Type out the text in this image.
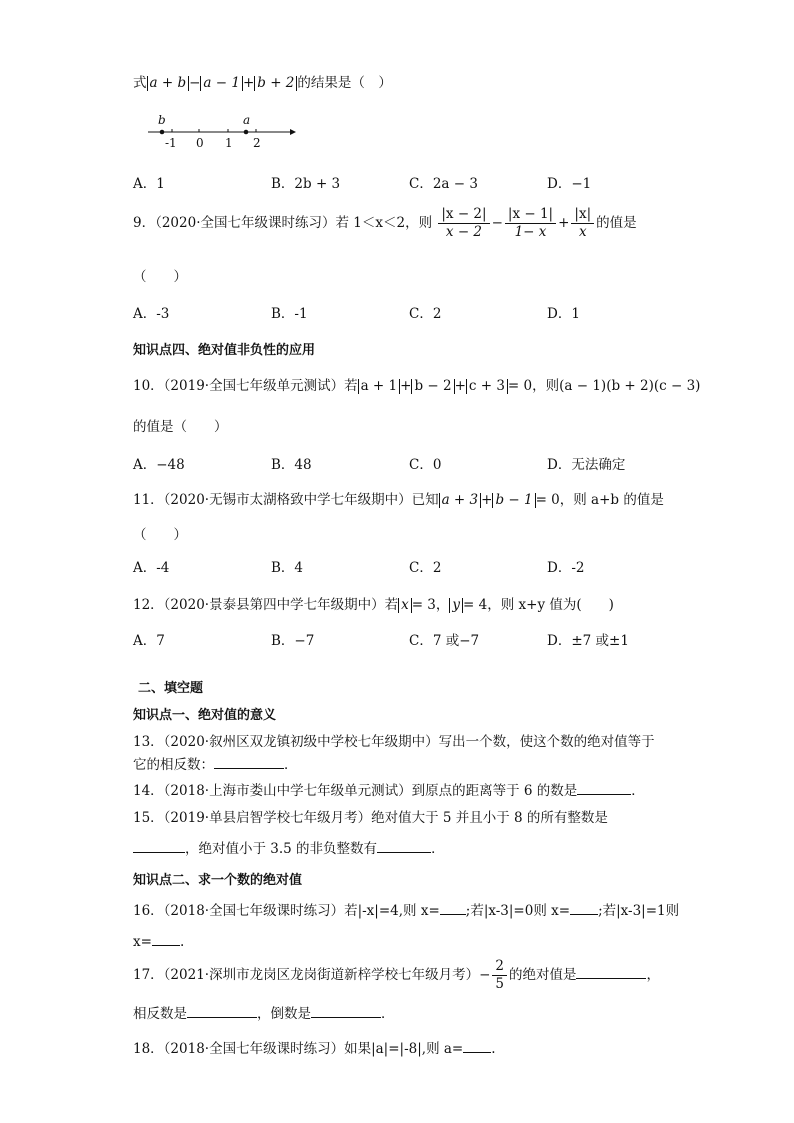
式 a + b − a − 1 + b + 2 的结果是（　）
b	a
-1 0 1 2
A．1	B．2b + 3	C．2a − 3	D．−1
9．（2020·全国七年级课时练习）若 1＜x＜2，则 $\frac{|x - 2|}{x - 2} - \frac{|x - 1|}{1- x} + \frac{|x|}{x}$ 的值是
（　　）
A．-3	B．-1	C．2	D．1
知识点四、绝对值非负性的应用
10．（2019·全国七年级单元测试）若 a + 1 + b − 2 + c + 3 = 0，则(a − 1)(b + 2)(c − 3)
的值是（　　）
A．−48	B．48	C．0	D．无法确定
11．（2020·无锡市太湖格致中学七年级期中）已知 a + 3 + b − 1 = 0，则 a+b 的值是
（　　）
A．-4	B．4	C．2	D．-2
12．（2020·景泰县第四中学七年级期中）若 x = 3， y = 4，则 x+y 值为(　　)
A．7	B．−7	C．7 或−7	D．±7 或±1
二、填空题
知识点一、绝对值的意义
13．（2020·叙州区双龙镇初级中学校七年级期中）写出一个数，使这个数的绝对值等于
它的相反数：	．
14．（2018·上海市娄山中学七年级单元测试）到原点的距离等于 6 的数是	．
15．（2019·单县启智学校七年级月考）绝对值大于 5 并且小于 8 的所有整数是
，绝对值小于 3.5 的非负整数有	．
知识点二、求一个数的绝对值
16．（2018·全国七年级课时练习）若|-x|=4,则 x= ;若|x-3|=0则 x= ;若|x-3|=1则
x= .
17．（2021·深圳市龙岗区龙岗街道新梓学校七年级月考）− $\frac{2}{5}$ 的绝对值是	，
相反数是	，倒数是	．
18．（2018·全国七年级课时练习）如果|a|=|-8|,则 a= .
